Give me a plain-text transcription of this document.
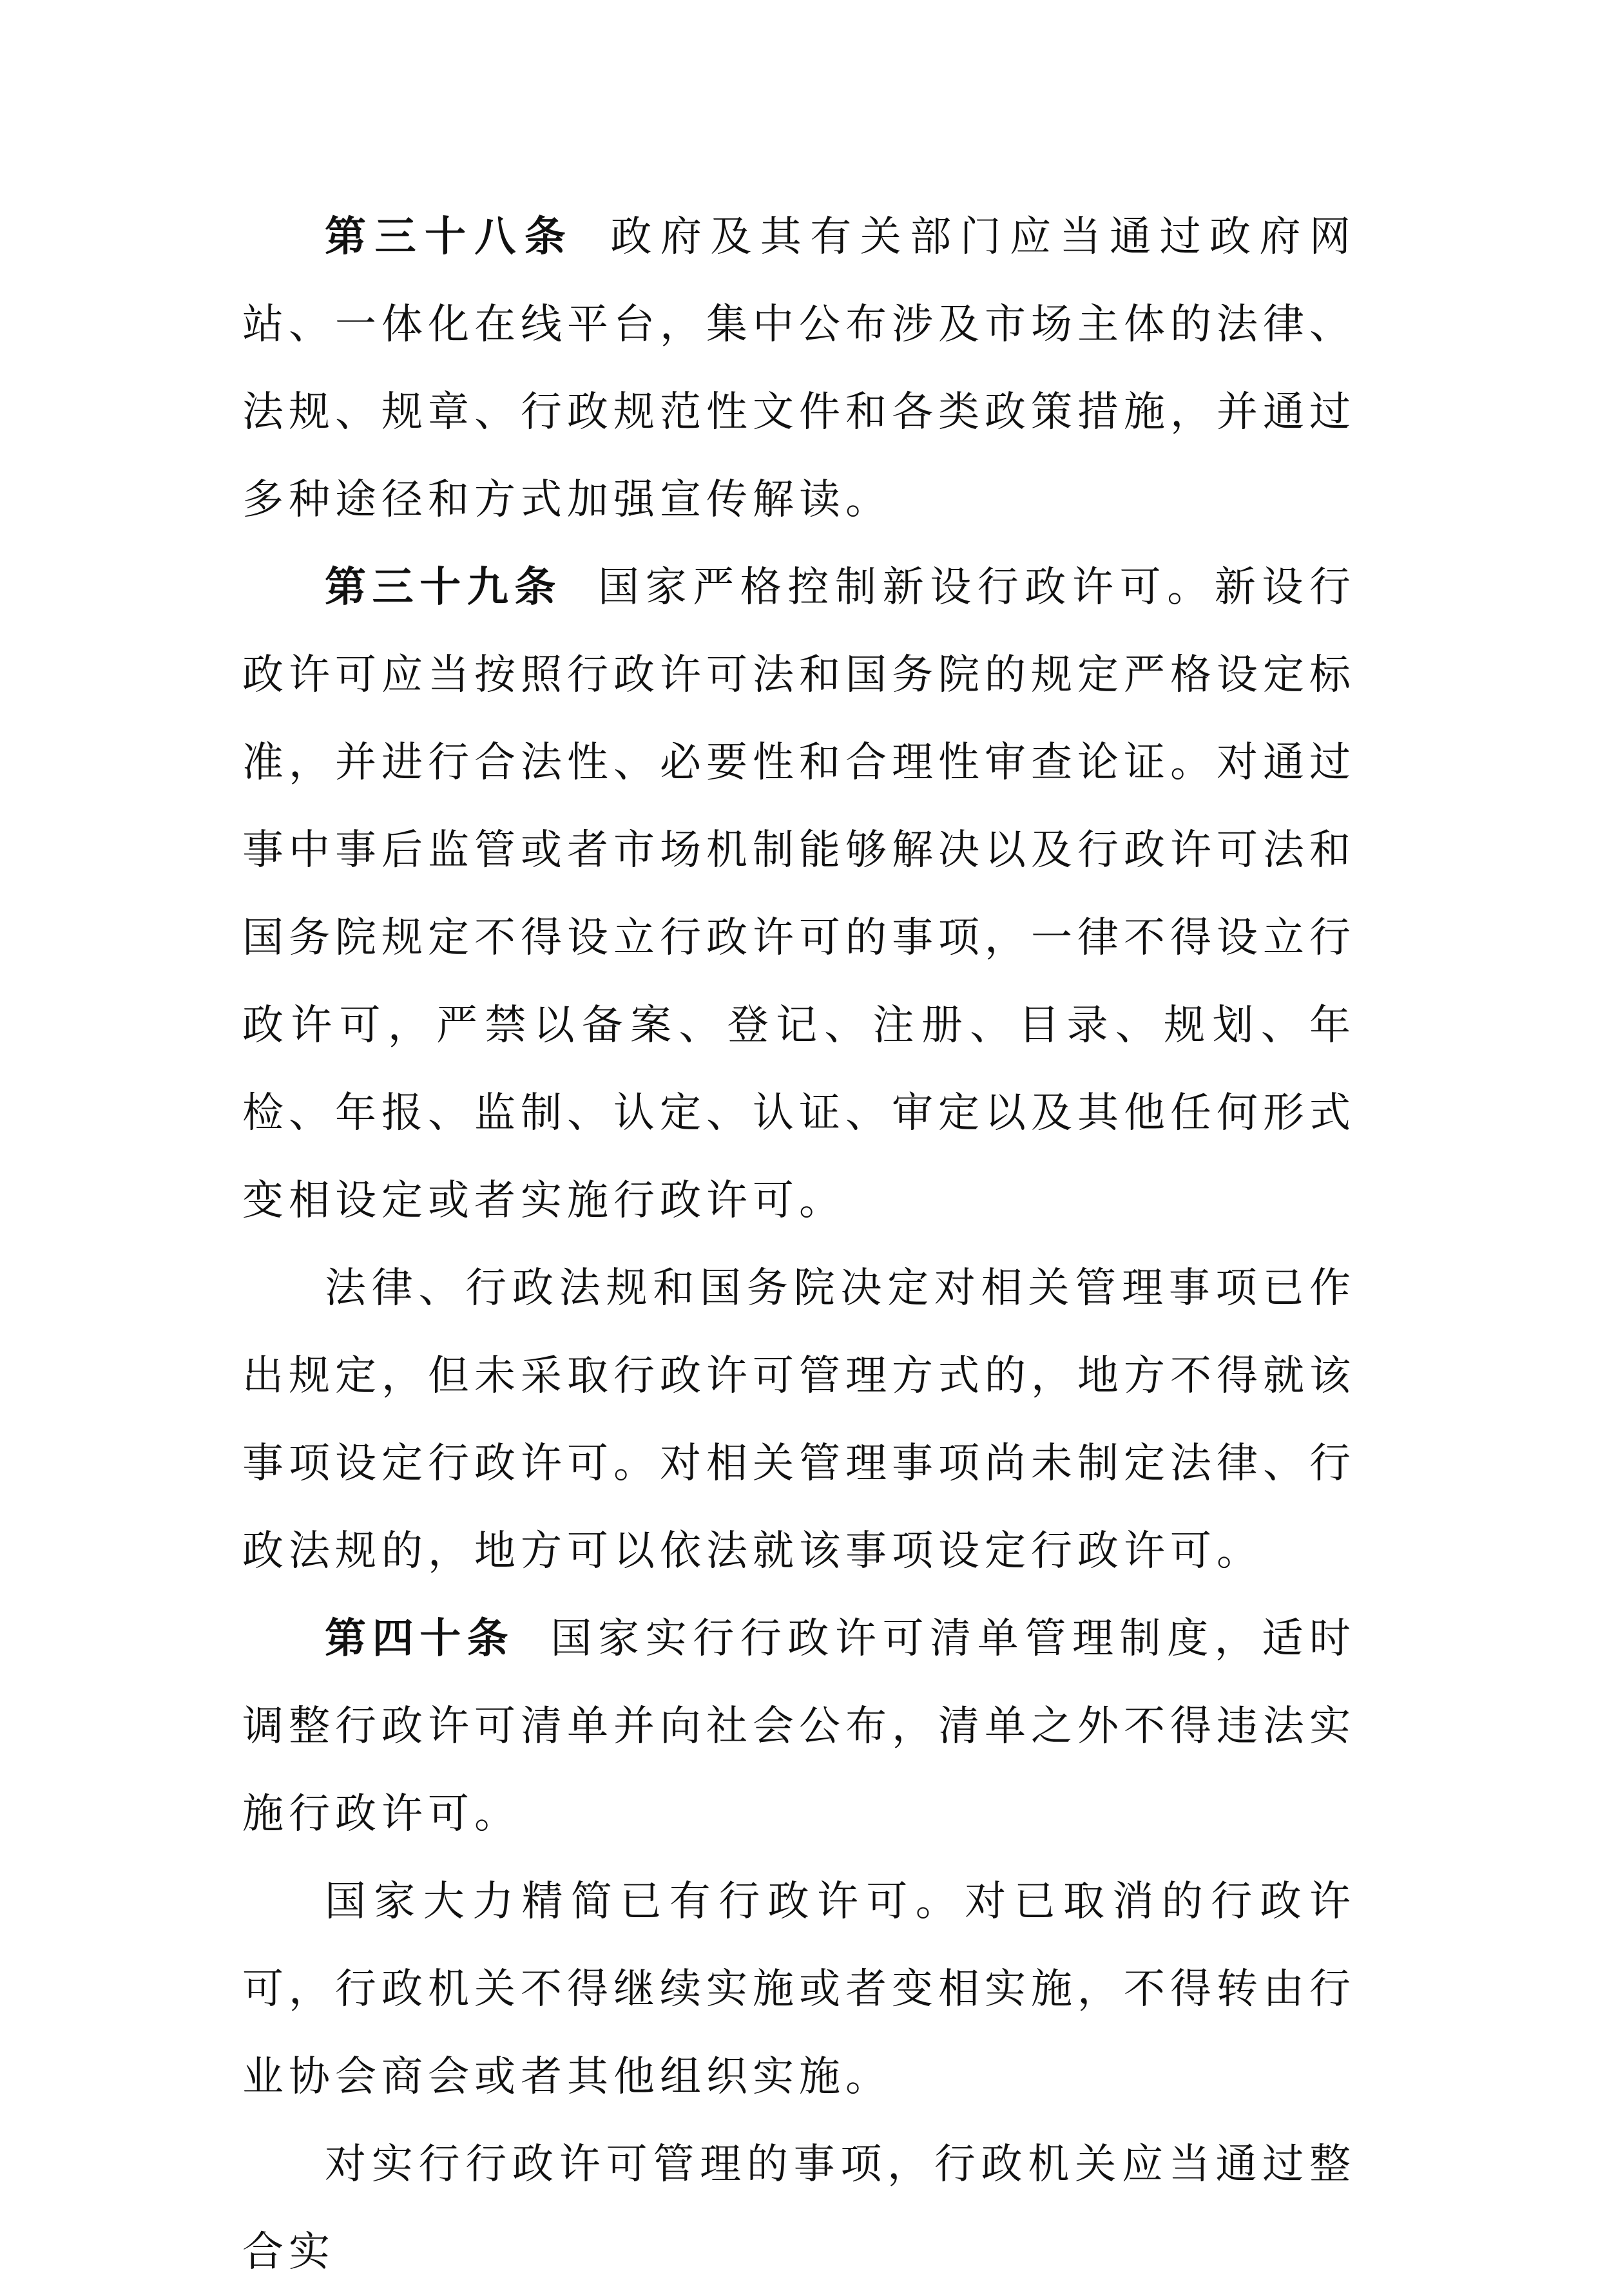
第三十八条 政府及其有关部门应当通过政府网站、一体化在线平台，集中公布涉及市场主体的法律、法规、规章、行政规范性文件和各类政策措施，并通过多种途径和方式加强宣传解读。

第三十九条 国家严格控制新设行政许可。新设行政许可应当按照行政许可法和国务院的规定严格设定标准，并进行合法性、必要性和合理性审查论证。对通过事中事后监管或者市场机制能够解决以及行政许可法和国务院规定不得设立行政许可的事项，一律不得设立行政许可，严禁以备案、登记、注册、目录、规划、年检、年报、监制、认定、认证、审定以及其他任何形式变相设定或者实施行政许可。

法律、行政法规和国务院决定对相关管理事项已作出规定，但未采取行政许可管理方式的，地方不得就该事项设定行政许可。对相关管理事项尚未制定法律、行政法规的，地方可以依法就该事项设定行政许可。

第四十条 国家实行行政许可清单管理制度，适时调整行政许可清单并向社会公布，清单之外不得违法实施行政许可。

国家大力精简已有行政许可。对已取消的行政许可，行政机关不得继续实施或者变相实施，不得转由行业协会商会或者其他组织实施。

对实行行政许可管理的事项，行政机关应当通过整合实
